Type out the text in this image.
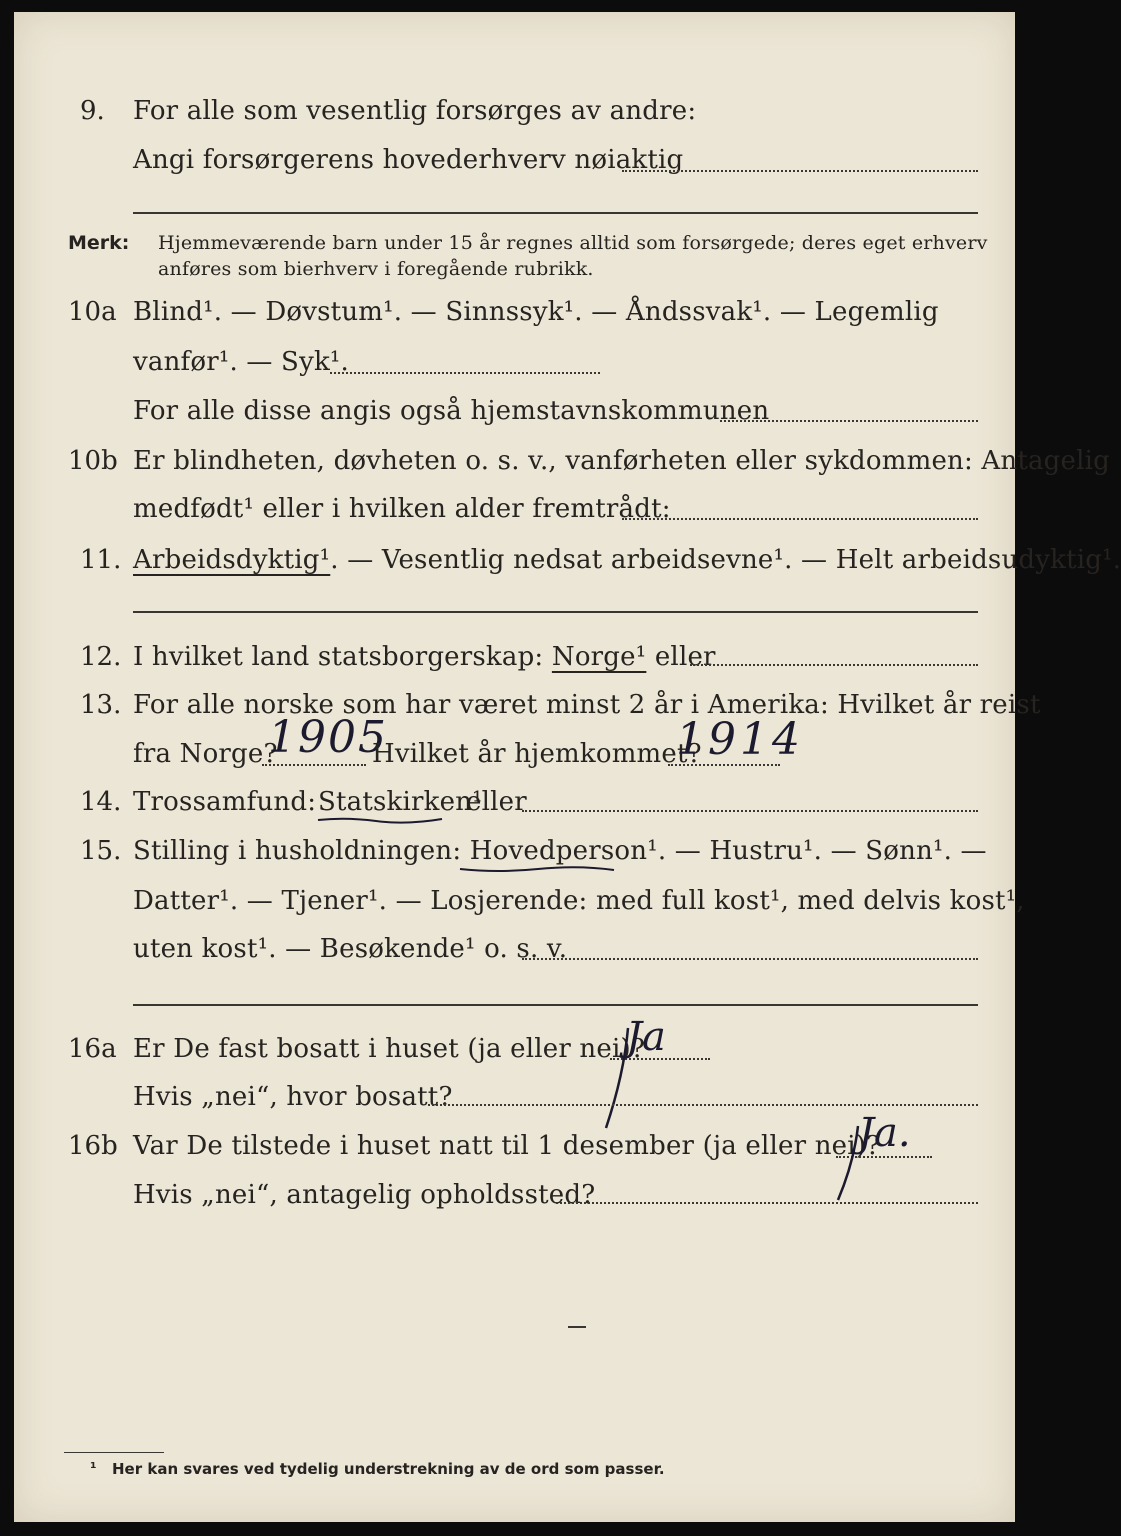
9. For alle som vesentlig forsørges av andre:
Angi forsørgerens hovederhverv nøiaktig
Merk: Hjemmeværende barn under 15 år regnes alltid som forsørgede; deres eget erhverv
anføres som bierhverv i foregående rubrikk.
10a Blind¹. — Døvstum¹. — Sinnssyk¹. — Åndssvak¹. — Legemlig
vanfør¹. — Syk¹.
For alle disse angis også hjemstavnskommunen
10b Er blindheten, døvheten o. s. v., vanførheten eller sykdommen: Antagelig
medfødt¹ eller i hvilken alder fremtrådt:
11. Arbeidsdyktig¹. — Vesentlig nedsat arbeidsevne¹. — Helt arbeidsudyktig¹.
12. I hvilket land statsborgerskap: Norge¹ eller
13. For alle norske som har været minst 2 år i Amerika: Hvilket år reist
fra Norge?
1905
Hvilket år hjemkommet?
1914
14. Trossamfund: Statskirken¹
eller
15. Stilling i husholdningen: Hovedperson¹. — Hustru¹. — Sønn¹. —
Datter¹. — Tjener¹. — Losjerende: med full kost¹, med delvis kost¹,
uten kost¹. — Besøkende¹ o. s. v.
16a Er De fast bosatt i huset (ja eller nei)?
Ja
Hvis „nei“, hvor bosatt?
16b Var De tilstede i huset natt til 1 desember (ja eller nei)?
Ja.
Hvis „nei“, antagelig opholdssted?
¹ Her kan svares ved tydelig understrekning av de ord som passer.
